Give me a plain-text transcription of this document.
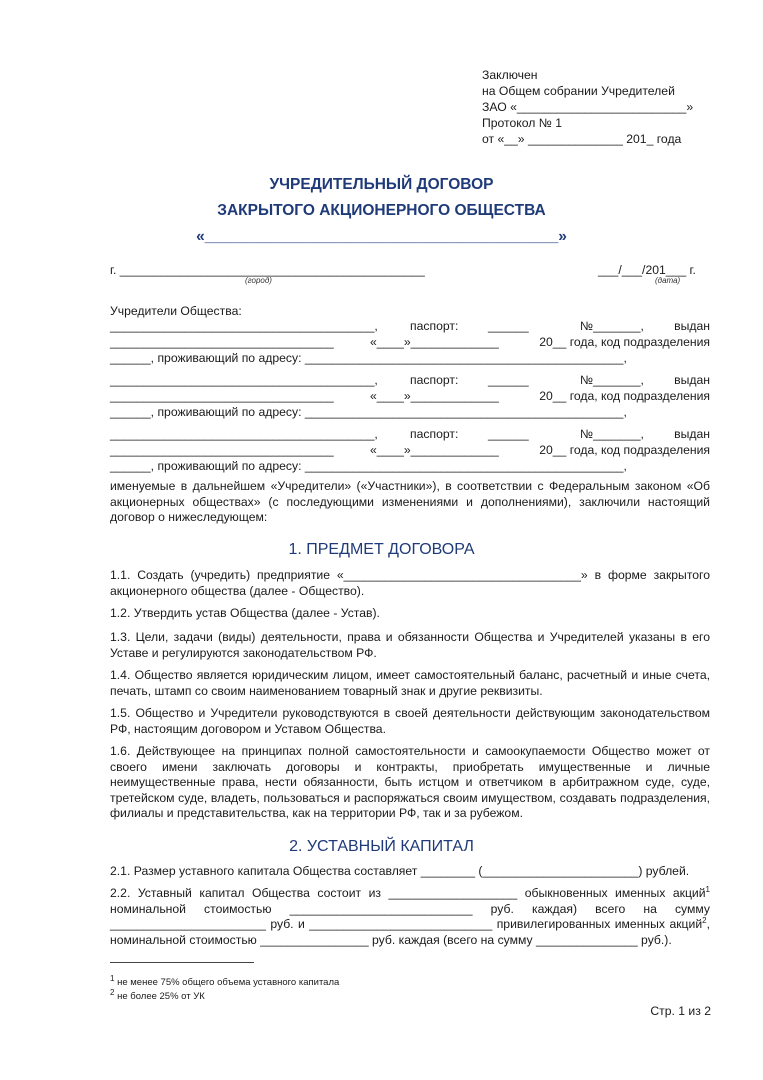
Заключен
на Общем собрании Учредителей
ЗАО «_________________________»
Протокол № 1
от «__» ______________ 201_ года
УЧРЕДИТЕЛЬНЫЙ ДОГОВОР
ЗАКРЫТОГО АКЦИОНЕРНОГО ОБЩЕСТВА
«_________________________________________»
г. _____________________________________________
(город)
___/___/201___ г.
(дата)
Учредители Общества:
_______________________________________,	паспорт: ______	№_______, выдан
_________________________________	«____»_____________	20__ года, код подразделения
______, проживающий по адресу: _______________________________________________,
_______________________________________,	паспорт: ______	№_______, выдан
_________________________________	«____»_____________	20__ года, код подразделения
______, проживающий по адресу: _______________________________________________,
_______________________________________,	паспорт: ______	№_______, выдан
_________________________________	«____»_____________	20__ года, код подразделения
______, проживающий по адресу: _______________________________________________,
именуемые в дальнейшем «Учредители» («Участники»), в соответствии с Федеральным законом «Об акционерных обществах» (с последующими изменениями и дополнениями), заключили настоящий договор о нижеследующем:
1. ПРЕДМЕТ ДОГОВОРА
1.1. Создать (учредить) предприятие «___________________________________» в форме закрытого акционерного общества (далее - Общество).
1.2. Утвердить устав Общества (далее - Устав).
1.3. Цели, задачи (виды) деятельности, права и обязанности Общества и Учредителей указаны в его Уставе и регулируются законодательством РФ.
1.4. Общество является юридическим лицом, имеет самостоятельный баланс, расчетный и иные счета, печать, штамп со своим наименованием товарный знак и другие реквизиты.
1.5. Общество и Учредители руководствуются в своей деятельности действующим законодательством РФ, настоящим договором и Уставом Общества.
1.6. Действующее на принципах полной самостоятельности и самоокупаемости Общество может от своего имени заключать договоры и контракты, приобретать имущественные и личные неимущественные права, нести обязанности, быть истцом и ответчиком в арбитражном суде, суде, третейском суде, владеть, пользоваться и распоряжаться своим имуществом, создавать подразделения, филиалы и представительства, как на территории РФ, так и за рубежом.
2. УСТАВНЫЙ КАПИТАЛ
2.1. Размер уставного капитала Общества составляет ________ (_______________________) рублей.
2.2. Уставный капитал Общества состоит из ___________________ обыкновенных именных акций$^1$ номинальной стоимостью ___________________________ руб. каждая) всего на сумму _______________________ руб. и ___________________________ привилегированных именных акций$^2$, номинальной стоимостью ________________ руб. каждая (всего на сумму _______________ руб.).
$^1$ не менее 75% общего объема уставного капитала
$^2$ не более 25% от УК
Стр. 1 из 2
